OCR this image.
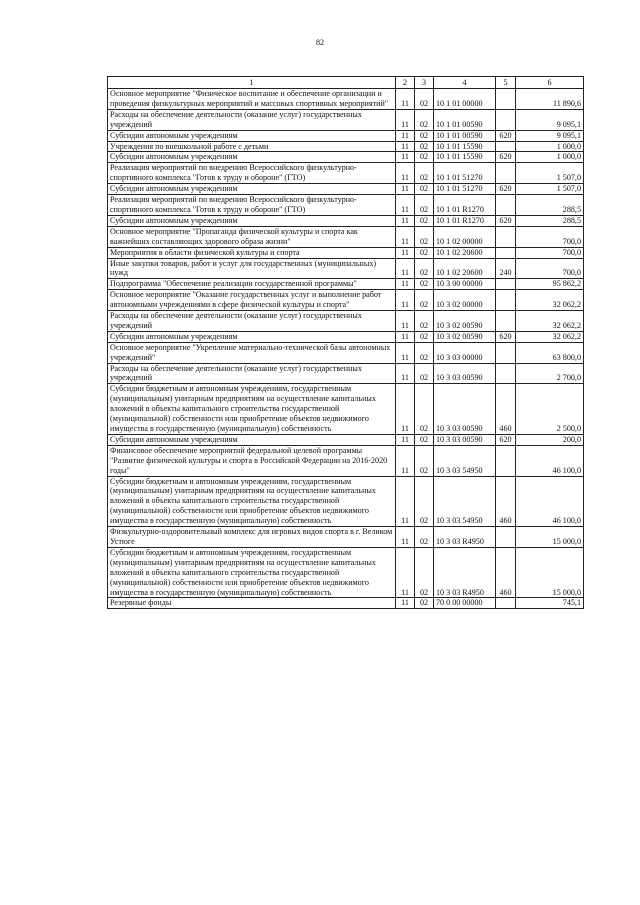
82
1	2	3	4	5	6
Основное мероприятие "Физическое воспитание и обеспечение организации и проведения физкультурных мероприятий и массовых спортивных мероприятий"	11	02	10 1 01 00000		11 890,6
Расходы на обеспечение деятельности (оказание услуг) государственных учреждений	11	02	10 1 01 00590		9 095,1
Субсидии автономным учреждениям	11	02	10 1 01 00590	620	9 095,1
Учреждения по внешкольной работе с детьми	11	02	10 1 01 15590		1 000,0
Субсидии автономным учреждениям	11	02	10 1 01 15590	620	1 000,0
Реализация мероприятий по внедрению Всероссийского физкультурно-спортивного комплекса "Готов к труду и обороне" (ГТО)	11	02	10 1 01 51270		1 507,0
Субсидии автономным учреждениям	11	02	10 1 01 51270	620	1 507,0
Реализация мероприятий по внедрению Всероссийского физкультурно-спортивного комплекса "Готов к труду и обороне" (ГТО)	11	02	10 1 01 R1270		288,5
Субсидии автономным учреждениям	11	02	10 1 01 R1270	620	288,5
Основное мероприятие "Пропаганда физической культуры и спорта как важнейших составляющих здорового образа жизни"	11	02	10 1 02 00000		700,0
Мероприятия в области физической культуры и спорта	11	02	10 1 02 20600		700,0
Иные закупки товаров, работ и услуг для государственных (муниципальных) нужд	11	02	10 1 02 20600	240	700,0
Подпрограмма "Обеспечение реализации государственной программы"	11	02	10 3 00 00000		95 862,2
Основное мероприятие "Оказание государственных услуг и выполнение работ автономными учреждениями в сфере физической культуры и спорта"	11	02	10 3 02 00000		32 062,2
Расходы на обеспечение деятельности (оказание услуг) государственных учреждений	11	02	10 3 02 00590		32 062,2
Субсидии автономным учреждениям	11	02	10 3 02 00590	620	32 062,2
Основное мероприятие "Укрепление материально-технической базы автономных учреждений"	11	02	10 3 03 00000		63 800,0
Расходы на обеспечение деятельности (оказание услуг) государственных учреждений	11	02	10 3 03 00590		2 700,0
Субсидии бюджетным и автономным учреждениям, государственным (муниципальным) унитарным предприятиям на осуществление капитальных вложений в объекты капитального строительства государственной (муниципальной) собственности или приобретение объектов недвижимого имущества в государственную (муниципальную) собственность	11	02	10 3 03 00590	460	2 500,0
Субсидии автономным учреждениям	11	02	10 3 03 00590	620	200,0
Финансовое обеспечение мероприятий федеральной целевой программы "Развитие физической культуры и спорта в Российской Федерации на 2016-2020 годы"	11	02	10 3 03 54950		46 100,0
Субсидии бюджетным и автономным учреждениям, государственным (муниципальным) унитарным предприятиям на осуществление капитальных вложений в объекты капитального строительства государственной (муниципальной) собственности или приобретение объектов недвижимого имущества в государственную (муниципальную) собственность	11	02	10 3 03 54950	460	46 100,0
Физкультурно-оздоровительный комплекс для игровых видов спорта в г. Великом Устюге	11	02	10 3 03 R4950		15 000,0
Субсидии бюджетным и автономным учреждениям, государственным (муниципальным) унитарным предприятиям на осуществление капитальных вложений в объекты капитального строительства государственной (муниципальной) собственности или приобретение объектов недвижимого имущества в государственную (муниципальную) собственность	11	02	10 3 03 R4950	460	15 000,0
Резервные фонды	11	02	70 0 00 00000		745,1
